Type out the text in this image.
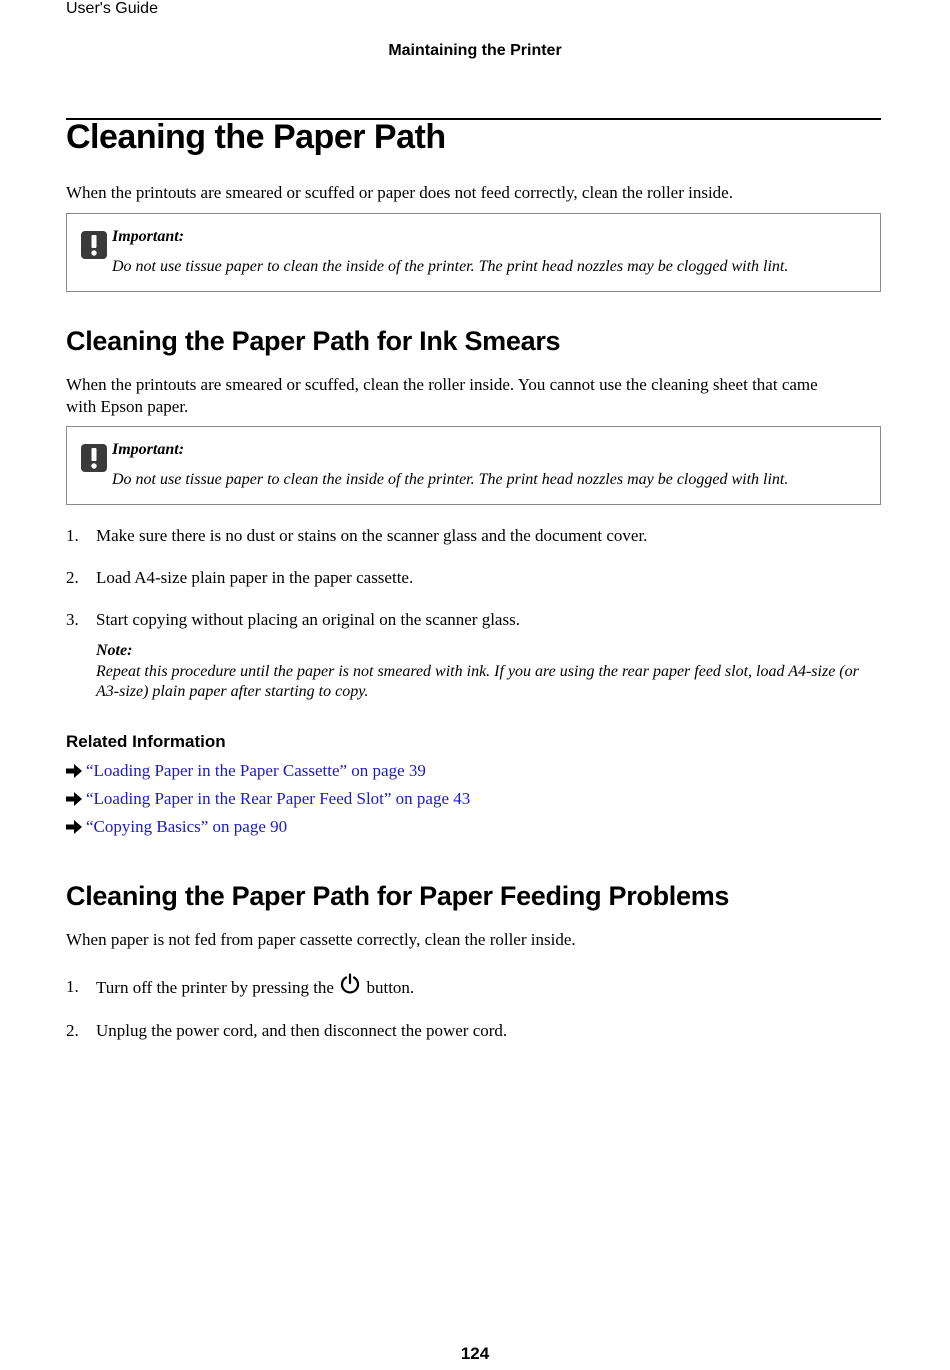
User's Guide
Maintaining the Printer
Cleaning the Paper Path
When the printouts are smeared or scuffed or paper does not feed correctly, clean the roller inside.
Important:
Do not use tissue paper to clean the inside of the printer. The print head nozzles may be clogged with lint.
Cleaning the Paper Path for Ink Smears
When the printouts are smeared or scuffed, clean the roller inside. You cannot use the cleaning sheet that came
with Epson paper.
Important:
Do not use tissue paper to clean the inside of the printer. The print head nozzles may be clogged with lint.
1. Make sure there is no dust or stains on the scanner glass and the document cover.
2. Load A4-size plain paper in the paper cassette.
3. Start copying without placing an original on the scanner glass.
Note:
Repeat this procedure until the paper is not smeared with ink. If you are using the rear paper feed slot, load A4-size (or
A3-size) plain paper after starting to copy.
Related Information
“Loading Paper in the Paper Cassette” on page 39
“Loading Paper in the Rear Paper Feed Slot” on page 43
“Copying Basics” on page 90
Cleaning the Paper Path for Paper Feeding Problems
When paper is not fed from paper cassette correctly, clean the roller inside.
1. Turn off the printer by pressing the button.
2. Unplug the power cord, and then disconnect the power cord.
124
